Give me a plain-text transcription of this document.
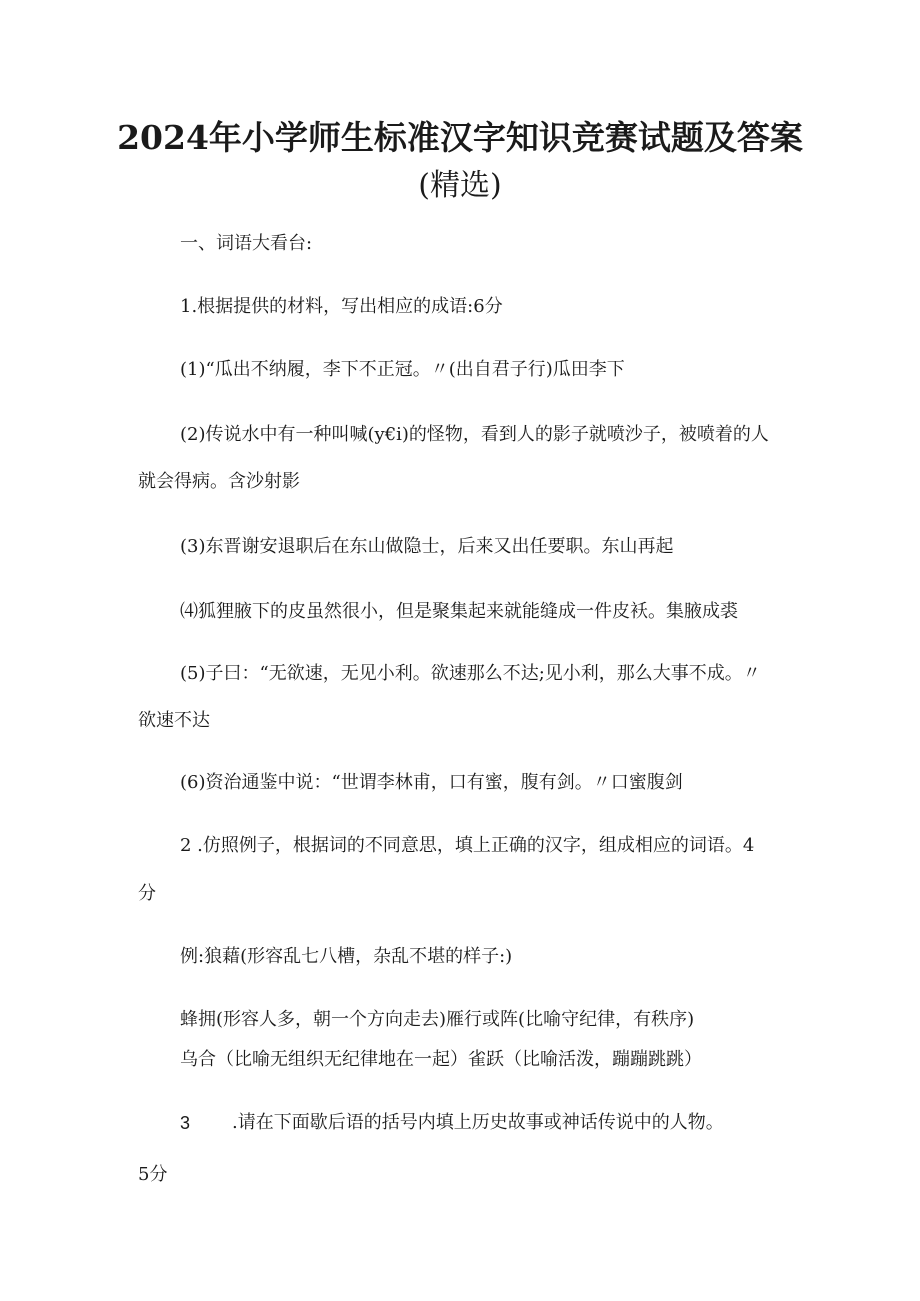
2024年小学师生标准汉字知识竞赛试题及答案
(精选)
一、词语大看台:
1.根据提供的材料，写出相应的成语:6分
(1)“瓜出不纳履，李下不正冠。〃(出自君子行)瓜田李下
(2)传说水中有一种叫喊(y€i)的怪物，看到人的影子就喷沙子，被喷着的人
就会得病。含沙射影
(3)东晋谢安退职后在东山做隐士，后来又出任要职。东山再起
⑷狐狸腋下的皮虽然很小，但是聚集起来就能缝成一件皮袄。集腋成裘
(5)子曰：“无欲速，无见小利。欲速那么不达;见小利，那么大事不成。〃
欲速不达
(6)资治通鉴中说：“世谓李林甫，口有蜜，腹有剑。〃口蜜腹剑
2 .仿照例子，根据词的不同意思，填上正确的汉字，组成相应的词语。4
分
例:狼藉(形容乱七八槽，杂乱不堪的样子:)
蜂拥(形容人多，朝一个方向走去)雁行或阵(比喻守纪律，有秩序)
乌合（比喻无组织无纪律地在一起）雀跃（比喻活泼，蹦蹦跳跳）
3 .请在下面歇后语的括号内填上历史故事或神话传说中的人物。
5分
